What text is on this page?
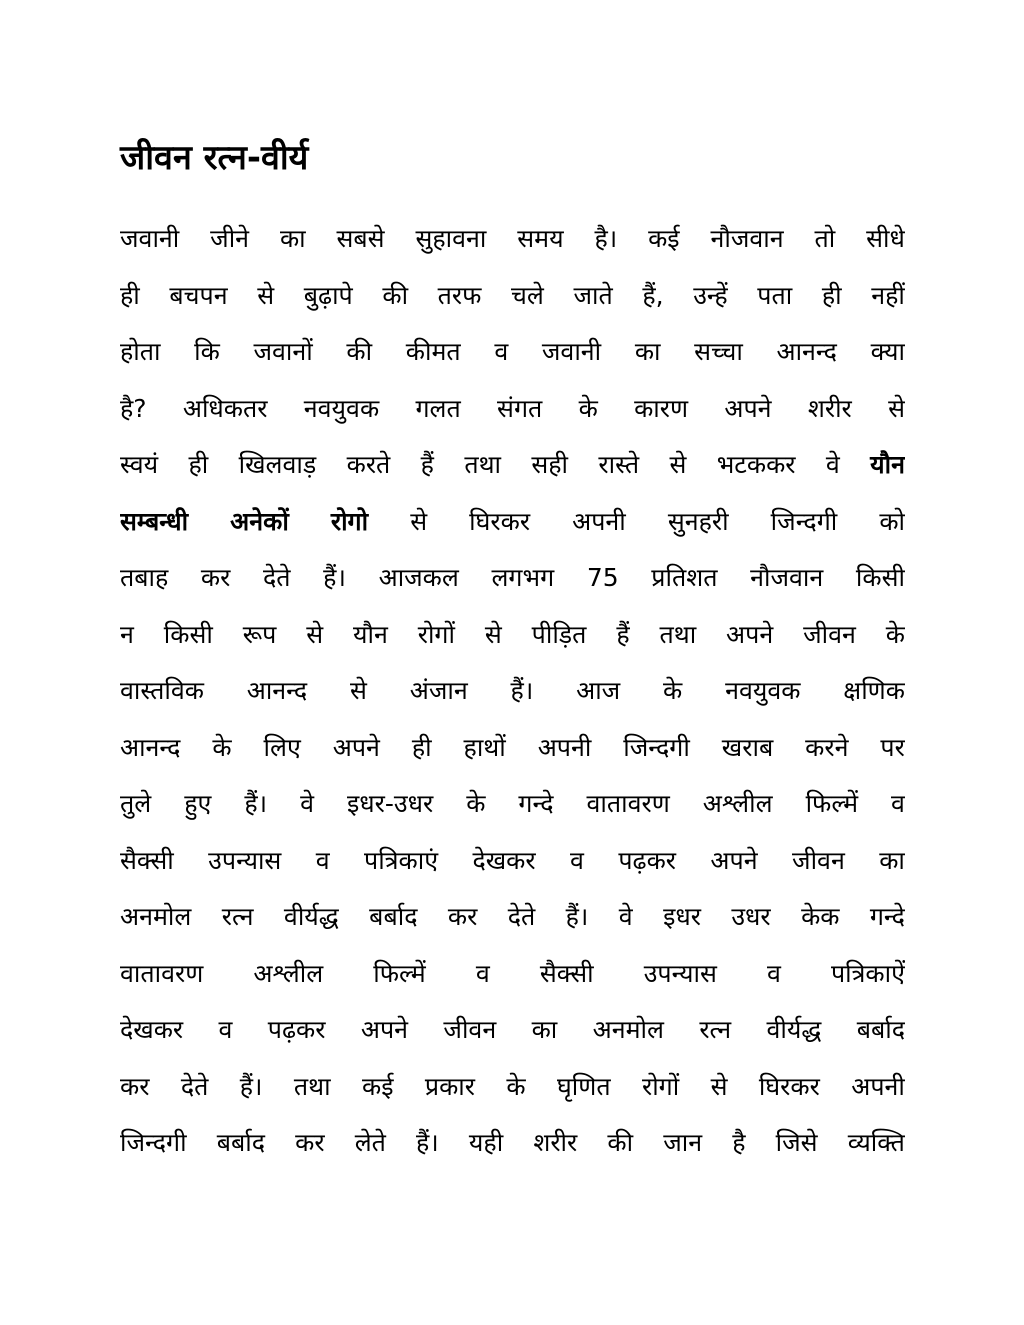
जीवन रत्न-वीर्य
जवानी जीने का सबसे सुहावना समय है। कई नौजवान तो सीधे
ही बचपन से बुढ़ापे की तरफ चले जाते हैं, उन्हें पता ही नहीं
होता कि जवानों की कीमत व जवानी का सच्चा आनन्द क्या
है? अधिकतर नवयुवक गलत संगत के कारण अपने शरीर से
स्वयं ही खिलवाड़ करते हैं तथा सही रास्ते से भटककर वे यौन
सम्बन्धी अनेकों रोगो से घिरकर अपनी सुनहरी जिन्दगी को
तबाह कर देते हैं। आजकल लगभग 75 प्रतिशत नौजवान किसी
न किसी रूप से यौन रोगों से पीड़ित हैं तथा अपने जीवन के
वास्तविक आनन्द से अंजान हैं। आज के नवयुवक क्षणिक
आनन्द के लिए अपने ही हाथों अपनी जिन्दगी खराब करने पर
तुले हुए हैं। वे इधर-उधर के गन्दे वातावरण अश्लील फिल्में व
सैक्सी उपन्यास व पत्रिकाएं देखकर व पढ़कर अपने जीवन का
अनमोल रत्न वीर्यद्ध बर्बाद कर देते हैं। वे इधर उधर केक गन्दे
वातावरण अश्लील फिल्में व सैक्सी उपन्यास व पत्रिकाऐं
देखकर व पढ़कर अपने जीवन का अनमोल रत्न वीर्यद्ध बर्बाद
कर देते हैं। तथा कई प्रकार के घृणित रोगों से घिरकर अपनी
जिन्दगी बर्बाद कर लेते हैं। यही शरीर की जान है जिसे व्यक्ति
